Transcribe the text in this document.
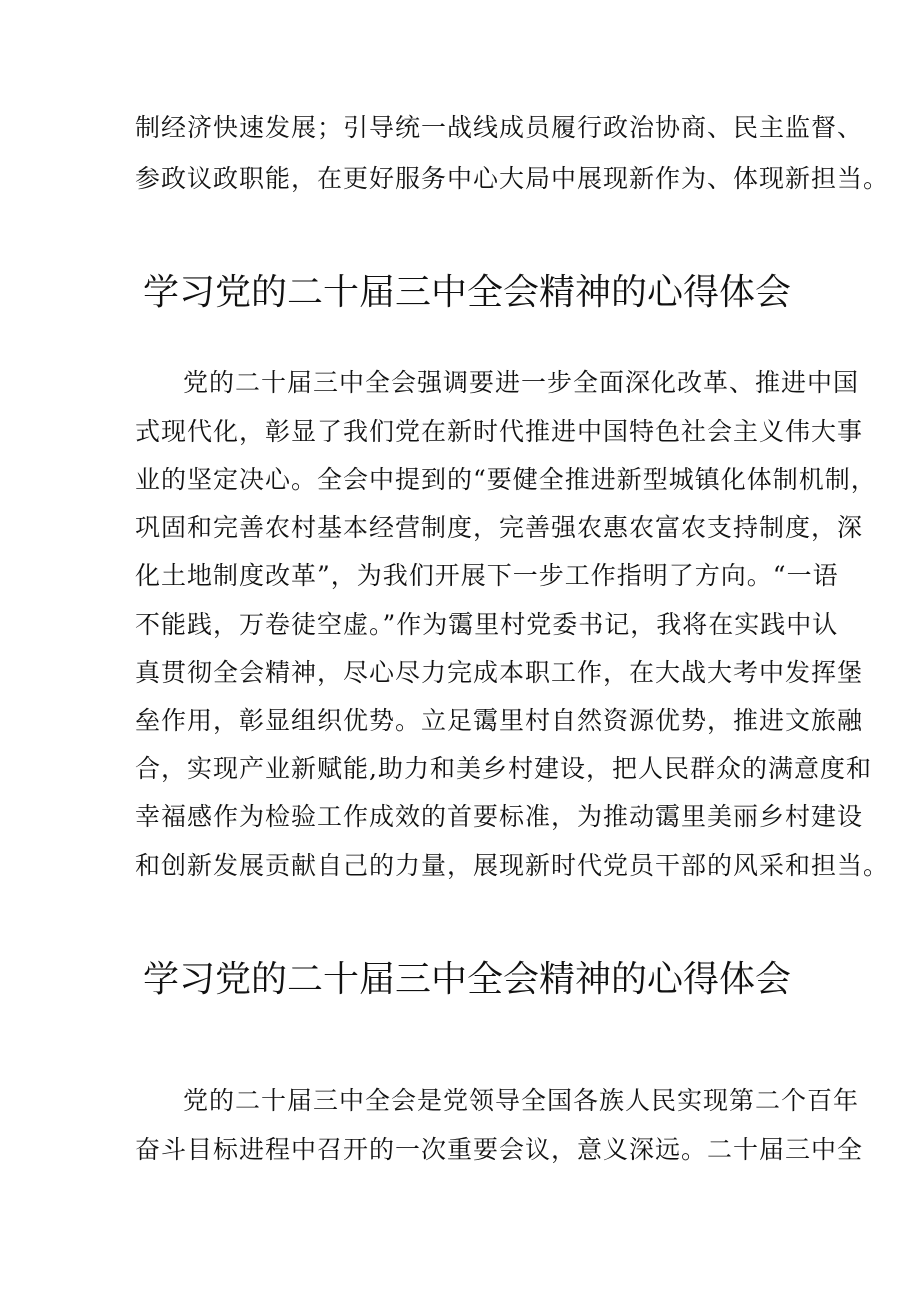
制经济快速发展；引导统一战线成员履行政治协商、民主监督、
参政议政职能，在更好服务中心大局中展现新作为、体现新担当。
学习党的二十届三中全会精神的心得体会
党的二十届三中全会强调要进一步全面深化改革、推进中国
式现代化，彰显了我们党在新时代推进中国特色社会主义伟大事
业的坚定决心。全会中提到的“要健全推进新型城镇化体制机制，
巩固和完善农村基本经营制度，完善强农惠农富农支持制度，深
化土地制度改革”，为我们开展下一步工作指明了方向。“一语
不能践，万卷徒空虚。”作为霭里村党委书记，我将在实践中认
真贯彻全会精神，尽心尽力完成本职工作，在大战大考中发挥堡
垒作用，彰显组织优势。立足霭里村自然资源优势，推进文旅融
合，实现产业新赋能,助力和美乡村建设，把人民群众的满意度和
幸福感作为检验工作成效的首要标准，为推动霭里美丽乡村建设
和创新发展贡献自己的力量，展现新时代党员干部的风采和担当。
学习党的二十届三中全会精神的心得体会
党的二十届三中全会是党领导全国各族人民实现第二个百年
奋斗目标进程中召开的一次重要会议，意义深远。二十届三中全
